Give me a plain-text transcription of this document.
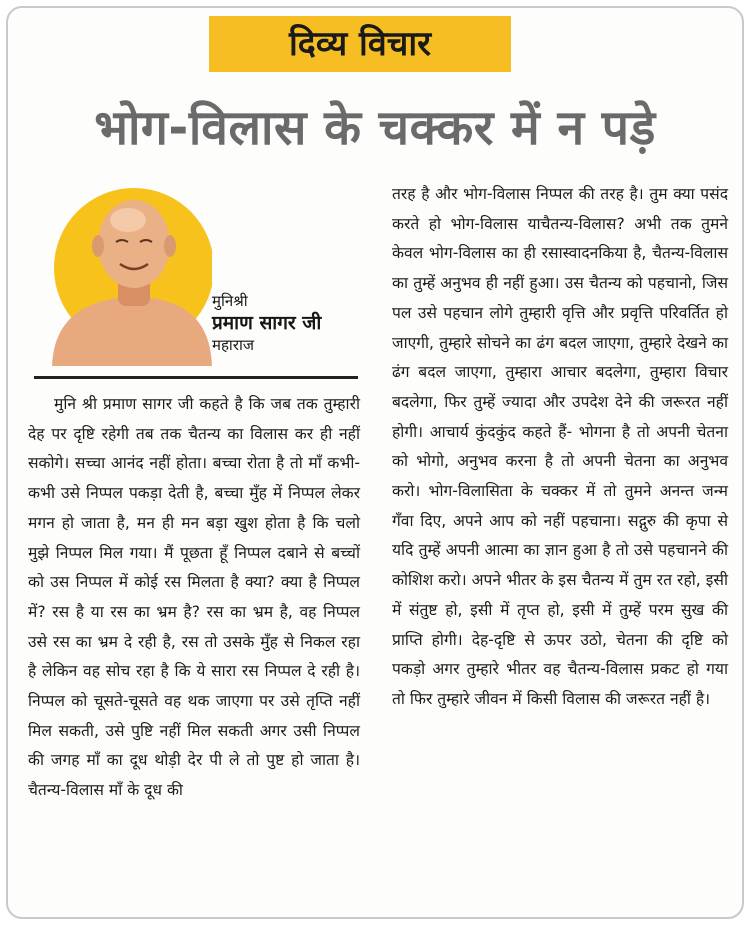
दिव्य विचार
भोग-विलास के चक्कर में न पड़े
मुनिश्री
प्रमाण सागर जी
महाराज
मुनि श्री प्रमाण सागर जी कहते है कि जब तक तुम्हारी देह पर दृष्टि रहेगी तब तक चैतन्य का विलास कर ही नहीं सकोगे। सच्चा आनंद नहीं होता। बच्चा रोता है तो माँ कभी-कभी उसे निप्पल पकड़ा देती है, बच्चा मुँह में निप्पल लेकर मगन हो जाता है, मन ही मन बड़ा खुश होता है कि चलो मुझे निप्पल मिल गया। मैं पूछता हूँ निप्पल दबाने से बच्चों को उस निप्पल में कोई रस मिलता है क्या? क्या है निप्पल में? रस है या रस का भ्रम है? रस का भ्रम है, वह निप्पल उसे रस का भ्रम दे रही है, रस तो उसके मुँह से निकल रहा है लेकिन वह सोच रहा है कि ये सारा रस निप्पल दे रही है। निप्पल को चूसते-चूसते वह थक जाएगा पर उसे तृप्ति नहीं मिल सकती, उसे पुष्टि नहीं मिल सकती अगर उसी निप्पल की जगह माँ का दूध थोड़ी देर पी ले तो पुष्ट हो जाता है। चैतन्य-विलास माँ के दूध की
तरह है और भोग-विलास निप्पल की तरह है। तुम क्या पसंद करते हो भोग-विलास याचैतन्य-विलास? अभी तक तुमने केवल भोग-विलास का ही रसास्वादनकिया है, चैतन्य-विलास का तुम्हें अनुभव ही नहीं हुआ। उस चैतन्य को पहचानो, जिस पल उसे पहचान लोगे तुम्हारी वृत्ति और प्रवृत्ति परिवर्तित हो जाएगी, तुम्हारे सोचने का ढंग बदल जाएगा, तुम्हारे देखने का ढंग बदल जाएगा, तुम्हारा आचार बदलेगा, तुम्हारा विचार बदलेगा, फिर तुम्हें ज्यादा और उपदेश देने की जरूरत नहीं होगी। आचार्य कुंदकुंद कहते हैं- भोगना है तो अपनी चेतना को भोगो, अनुभव करना है तो अपनी चेतना का अनुभव करो। भोग-विलासिता के चक्कर में तो तुमने अनन्त जन्म गँवा दिए, अपने आप को नहीं पहचाना। सद्गुरु की कृपा से यदि तुम्हें अपनी आत्मा का ज्ञान हुआ है तो उसे पहचानने की कोशिश करो। अपने भीतर के इस चैतन्य में तुम रत रहो, इसी में संतुष्ट हो, इसी में तृप्त हो, इसी में तुम्हें परम सुख की प्राप्ति होगी। देह-दृष्टि से ऊपर उठो, चेतना की दृष्टि को पकड़ो अगर तुम्हारे भीतर वह चैतन्य-विलास प्रकट हो गया तो फिर तुम्हारे जीवन में किसी विलास की जरूरत नहीं है।
